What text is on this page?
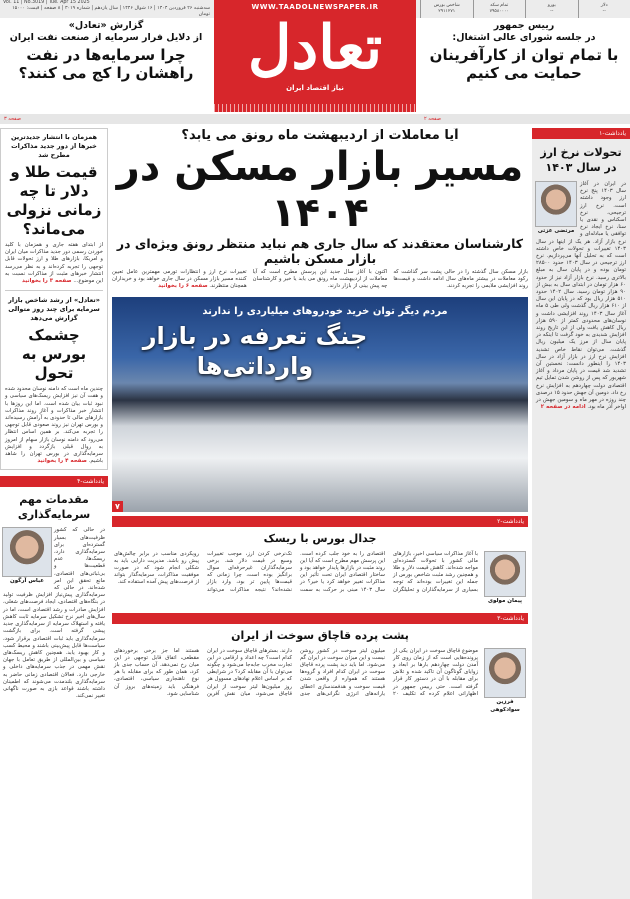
Vol. 11 | No.3019 | Tue. Apr 15 2025
سه‌شنبه ۲۶ فروردین ۱۴۰۴ | ۱۶ شوال ۱۴۴۶ | سال یازدهم | شماره ۳۰۱۹ | ۸ صفحه | قیمت: ۱۵۰۰۰ تومان
دلار
--
یورو
--
تمام سکه
۷۹۵۸۰۰۰۰
شاخص بورس
۲۹۱۱۲۷۱
WWW.TAADOLNEWSPAPER.IR
تعادل
نیاز اقتصاد ایران
رییس جمهور
در جلسه شورای عالی اشتغال:
با تمام توان از کارآفرینان حمایت می کنیم
گزارش «تعادل»
از دلایل فرار سرمایه از صنعت نفت ایران
چرا سرمایه‌ها در نفت راهشان را کج می کنند؟
صفحه ۲
صفحه ۳
آیا معاملات از اردیبهشت ماه رونق می یابد؟
مسیر بازار مسکن در ۱۴۰۴
کارشناسان معتقدند که سال جاری هم نباید منتظر رونق ویژه‌ای در بازار مسکن باشیم
بازار مسکن سال گذشته را در حالی پشت سر گذاشت که رکود معاملات در بیشتر ماه‌های سال ادامه داشت و قیمت‌ها روند افزایشی ملایمی را تجربه کردند.
اکنون با آغاز سال جدید این پرسش مطرح است که آیا معاملات از اردیبهشت ماه رونق می یابد یا خیر و کارشناسان چه پیش بینی از بازار دارند.
تغییرات نرخ ارز و انتظارات تورمی مهمترین عامل تعیین کننده مسیر بازار مسکن در سال جاری خواهد بود و خریداران همچنان منتظرند. صفحه ۶ را بخوانید
مردم دیگر توان خرید خودروهای میلیاردی را ندارند
جنگ تعرفه در بازار وارداتی‌ها
۷
یادداشت-۲
جدال بورس با ریسک
پیمان مولوی
با آغاز مذاکرات سیاسی اخیر، بازارهای مالی کشور با تحولات گسترده‌ای مواجه شده‌اند. کاهش قیمت دلار و طلا و همچنین رشد مثبت شاخص بورس از جمله این تغییرات بوده‌اند که توجه بسیاری از سرمایه‌گذاران و تحلیلگران اقتصادی را به خود جلب کرده است. این پرسش مهم مطرح است که آیا این روند مثبت در بازارها پایدار خواهد بود و ساختار اقتصادی ایران تحت تأثیر این مذاکرات تغییر خواهد کرد یا خیر؟ در سال ۱۴۰۳ مبنی بر حرکت به سمت تک‌نرخی کردن ارز، موجب تغییرات وسیع در قیمت دلار شد. برخی سرمایه‌گذاران غیرحرفه‌ای سوال برانگیز بوده است، چرا زمانی که قیمت‌ها پایین تر بود، وارد بازار نشده‌اند؟ نتیجه مذاکرات می‌تواند رویکردی مناسب در برابر چالش‌های پیش رو باشد. مدیریت دارایی باید به شکلی انجام شود که در صورت موفقیت مذاکرات، سرمایه‌گذار بتواند از فرصت‌های پیش آمده استفاده کند.
یادداشت-۳
پشت پرده قاچاق سوخت از ایران
فرزین سوادکوهی
موضوع قاچاق سوخت در ایران یکی از پرونده‌هایی است که از زمان روی کار آمدن دولت چهاردهم بارها بر ابعاد و زوایای گوناگون آن تاکید شده و تلاش برای مقابله با آن در دستور کار قرار گرفته است. حتی رییس جمهور در اظهاراتی اعلام کرده که تکلیف ۲۰ میلیون لیتر سوخت در کشور روشن نیست و این میزان سوخت در ایران گم می‌شود. اما باید دید پشت پرده قاچاق سوخت در ایران کدام افراد و گروه‌ها هستند که همواره از واقعی شدن قیمت سوخت و هدفمندسازی اعطای یارانه‌های انرژی نگرانی‌های جدی دارند. بسترهای قاچاق سوخت در ایران کدام است؟ چه اعداد و ارقامی در این تجارت مخرب جابه‌جا می‌شود و چگونه می‌توان با آن مقابله کرد؟ در شرایطی که بر اساس اعلام نهادهای مسوول هر روز میلیون‌ها لیتر سوخت از ایران قاچاق می‌شود، میان نقش آفرین هستند اما جز برخی برخوردهای مقطعی، اتفاق قابل توجهی در این میان رخ نمی‌دهد. آن حساب جدی باز کرد، همان طور که برای مقابله با هر نوع ناهنجاری سیاسی، اقتصادی، فرهنگی باید زمینه‌های بروز آن شناسایی شود.
یادداشت-۱
تحولات نرخ ارز در سال ۱۴۰۳
مرتضی عزتی
در ایران در آغاز سال ۱۴۰۳ پنج نرخ ارز وجود داشته است. نرخ ارز ترجیحی، نرخ اسکناس و نقدی یا سنا، نرخ ایجاد نرخ توافقی یا مبادله‌ای و نرخ بازار آزاد. هر یک از اینها در سال ۱۴۰۳ تغییرات و تحولات خاص داشته است که به تحلیل آنها می‌پردازیم. نرخ ارز ترجیحی در سال ۱۴۰۳ حدود ۲۸۵۰۰ تومان بوده و در پایان سال به مبلغ بالاتری رسید. نرخ بازار آزاد نیز از حدود ۶۰ هزار تومان در ابتدای سال به بیش از ۹۰ هزار تومان رسید. سال ۱۴۰۲ حدود ۵۱۰ هزار ریال بود که در پایان این سال از ۶۱۰ هزار ریال گذشت ولی طی ۵ ماه آغاز سال ۱۴۰۳ روند افزایشی داشت و نوسان‌های محدودی کمتر از ۵۹۰ هزار ریال کاهش یافت ولی از این تاریخ روند افزایش شدیدی به خود گرفت تا اینکه در پایان سال از مرز یک میلیون ریال گذشت. می‌توان نقاط خاص تشدید افزایش نرخ ارز در بازار آزاد در سال ۱۴۰۳ را اینطور دانست: نخستین آن تشدید شد قیمت در پایان مرداد و آغاز شهریور که پس از روشن شدن تمایل تیم اقتصادی دولت چهاردهم به افزایش نرخ رخ داد. دومین آن جهش حدود ۱۵ درصدی چند روزه در مهر ماه و سومین جهش در اواخر آذر ماه بود. ادامه در صفحه ۲
همزمان با انتشار جدیدترین خبرها از دور جدید مذاکرات مطرح شد
قیمت طلا و دلار تا چه زمانی نزولی می‌ماند؟
از ابتدای هفته جاری و همزمان با کلید خوردن رسمی دور جدید مذاکرات میان ایران و امریکا، بازارهای طلا و ارز تحولات قابل توجهی را تجربه کرده‌اند و به نظر می‌رسد انتشار خبرهای مثبت از مذاکرات نسبت به این موضوع... صفحه ۳ را بخوانید
«تعادل» از رشد شاخص بازار سرمایه برای چند روز متوالی گزارش می‌دهد
چشمک بورس به تحول
چندین ماه است که دامنه نوسان محدود شده و هفت آن نیز افزایش ریسک‌های سیاسی و نبود ثبات بیان شده است. اما این روزها با انتشار خبر مذاکرات و آغاز روند مذاکرات بازارهای مالی تا حدودی به آرامش رسیده‌اند و بورس تهران نیز روند صعودی قابل توجهی را تجربه می‌کند. بر همین اساس انتظار می‌رود که دامنه نوسان بازار سهام از امروز به روال قبلی بازگردد و افزایش سرمایه‌گذاری در بورس تهران را شاهد باشیم. صفحه ۴ را بخوانید
یادداشت-۴
مقدمات مهم سرمایه‌گذاری
عباس آرگون
در حالی که کشور ظرفیت‌های بسیار گسترده‌ای برای سرمایه‌گذاری دارد، ریسک‌ها، عدم قطعیت‌ها و بی‌ثباتی‌های اقتصادی، مانع تحقق این امر شده‌اند. در حالی که سرمایه‌گذاری پیش‌نیاز افزایش ظرفیت تولید در بنگاه‌های اقتصادی، ایجاد فرصت‌های شغلی، افزایش صادرات و رشد اقتصادی است، اما در سال‌های اخیر نرخ تشکیل سرمایه ثابت کاهش یافته و استهلاک سرمایه از سرمایه‌گذاری جدید پیشی گرفته است. برای بازگشت سرمایه‌گذاری باید ثبات اقتصادی برقرار شود، سیاست‌ها قابل پیش‌بینی باشند و محیط کسب و کار بهبود یابد. همچنین کاهش ریسک‌های سیاسی و بین‌المللی از طریق تعامل با جهان نقش مهمی در جذب سرمایه‌های داخلی و خارجی دارد. فعالان اقتصادی زمانی حاضر به سرمایه‌گذاری بلندمدت می‌شوند که اطمینان داشته باشند قواعد بازی به صورت ناگهانی تغییر نمی‌کند.
